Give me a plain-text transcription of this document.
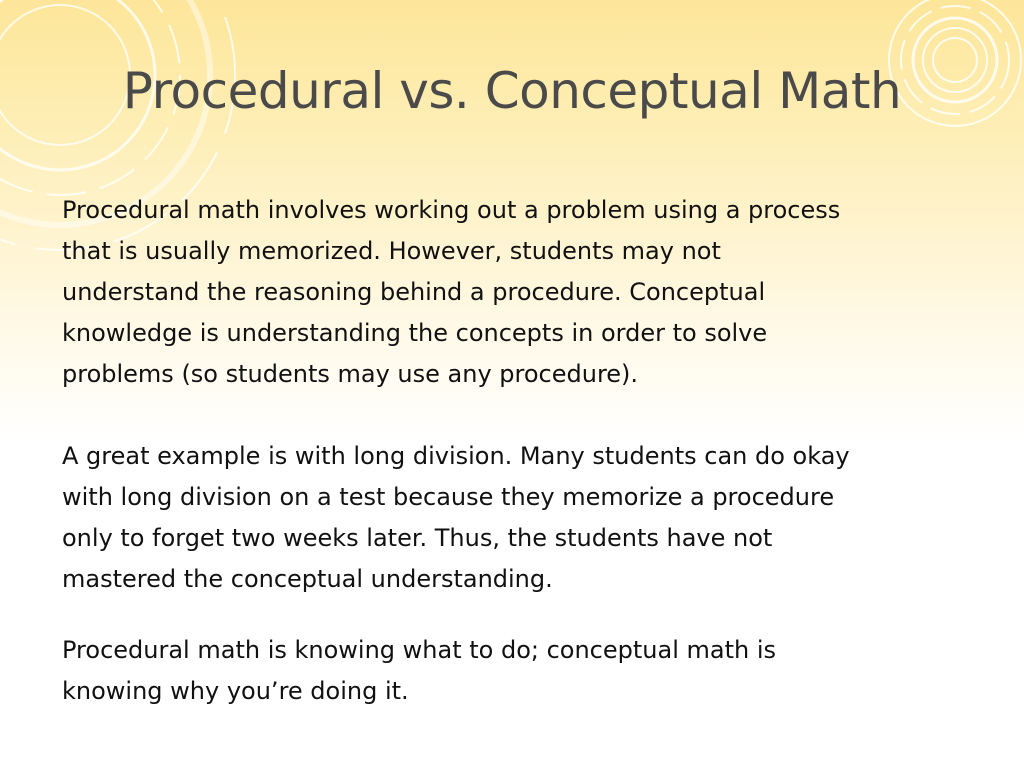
Procedural vs. Conceptual Math

Procedural math involves working out a problem using a process
that is usually memorized. However, students may not
understand the reasoning behind a procedure. Conceptual
knowledge is understanding the concepts in order to solve
problems (so students may use any procedure).

A great example is with long division. Many students can do okay
with long division on a test because they memorize a procedure
only to forget two weeks later. Thus, the students have not
mastered the conceptual understanding.

Procedural math is knowing what to do; conceptual math is
knowing why you’re doing it.
